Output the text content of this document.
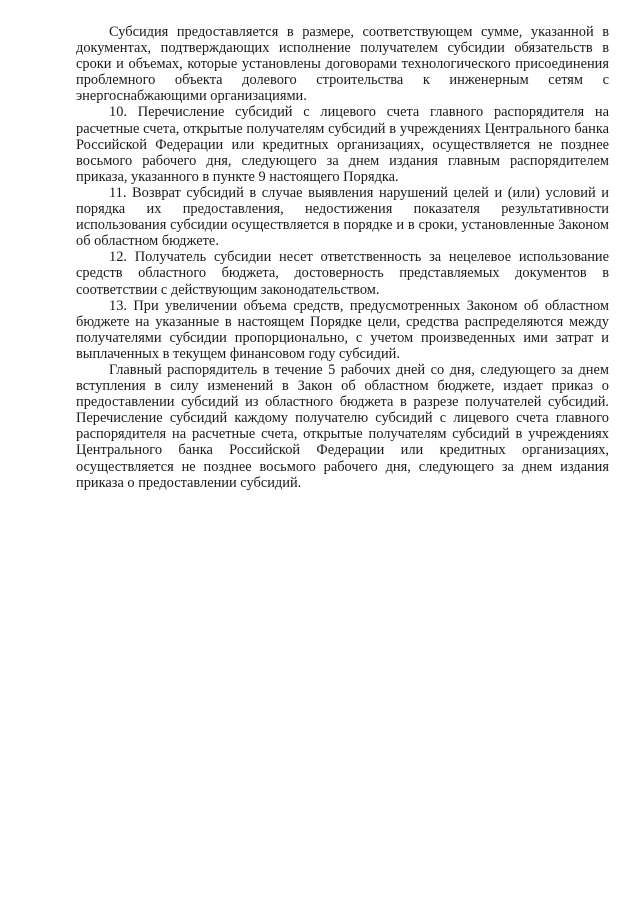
Субсидия предоставляется в размере, соответствующем сумме, указанной в документах, подтверждающих исполнение получателем субсидии обязательств в сроки и объемах, которые установлены договорами технологического присоединения проблемного объекта долевого строительства к инженерным сетям с энергоснабжающими организациями.

10. Перечисление субсидий с лицевого счета главного распорядителя на расчетные счета, открытые получателям субсидий в учреждениях Центрального банка Российской Федерации или кредитных организациях, осуществляется не позднее восьмого рабочего дня, следующего за днем издания главным распорядителем приказа, указанного в пункте 9 настоящего Порядка.

11. Возврат субсидий в случае выявления нарушений целей и (или) условий и порядка их предоставления, недостижения показателя результативности использования субсидии осуществляется в порядке и в сроки, установленные Законом об областном бюджете.

12. Получатель субсидии несет ответственность за нецелевое использование средств областного бюджета, достоверность представляемых документов в соответствии с действующим законодательством.

13. При увеличении объема средств, предусмотренных Законом об областном бюджете на указанные в настоящем Порядке цели, средства распределяются между получателями субсидии пропорционально, с учетом произведенных ими затрат и выплаченных в текущем финансовом году субсидий.

Главный распорядитель в течение 5 рабочих дней со дня, следующего за днем вступления в силу изменений в Закон об областном бюджете, издает приказ о предоставлении субсидий из областного бюджета в разрезе получателей субсидий. Перечисление субсидий каждому получателю субсидий с лицевого счета главного распорядителя на расчетные счета, открытые получателям субсидий в учреждениях Центрального банка Российской Федерации или кредитных организациях, осуществляется не позднее восьмого рабочего дня, следующего за днем издания приказа о предоставлении субсидий.
